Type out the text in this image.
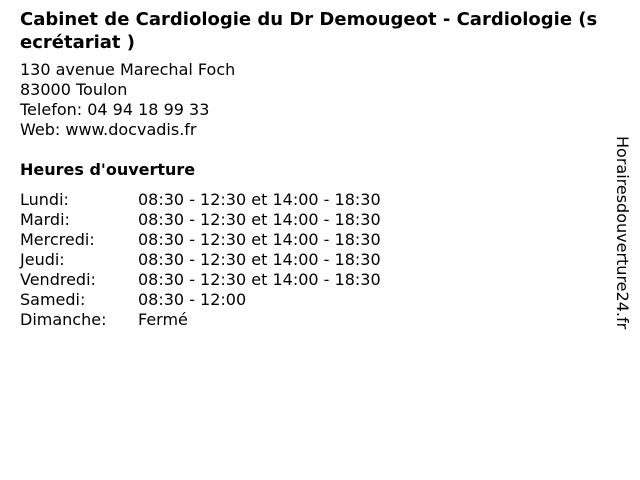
Cabinet de Cardiologie du Dr Demougeot - Cardiologie (secrétariat )
130 avenue Marechal Foch
83000 Toulon
Telefon: 04 94 18 99 33
Web: www.docvadis.fr
Heures d'ouverture
Lundi:	08:30 - 12:30 et 14:00 - 18:30
Mardi:	08:30 - 12:30 et 14:00 - 18:30
Mercredi:	08:30 - 12:30 et 14:00 - 18:30
Jeudi:	08:30 - 12:30 et 14:00 - 18:30
Vendredi:	08:30 - 12:30 et 14:00 - 18:30
Samedi:	08:30 - 12:00
Dimanche:	Fermé	Horairesdouverture24.fr
